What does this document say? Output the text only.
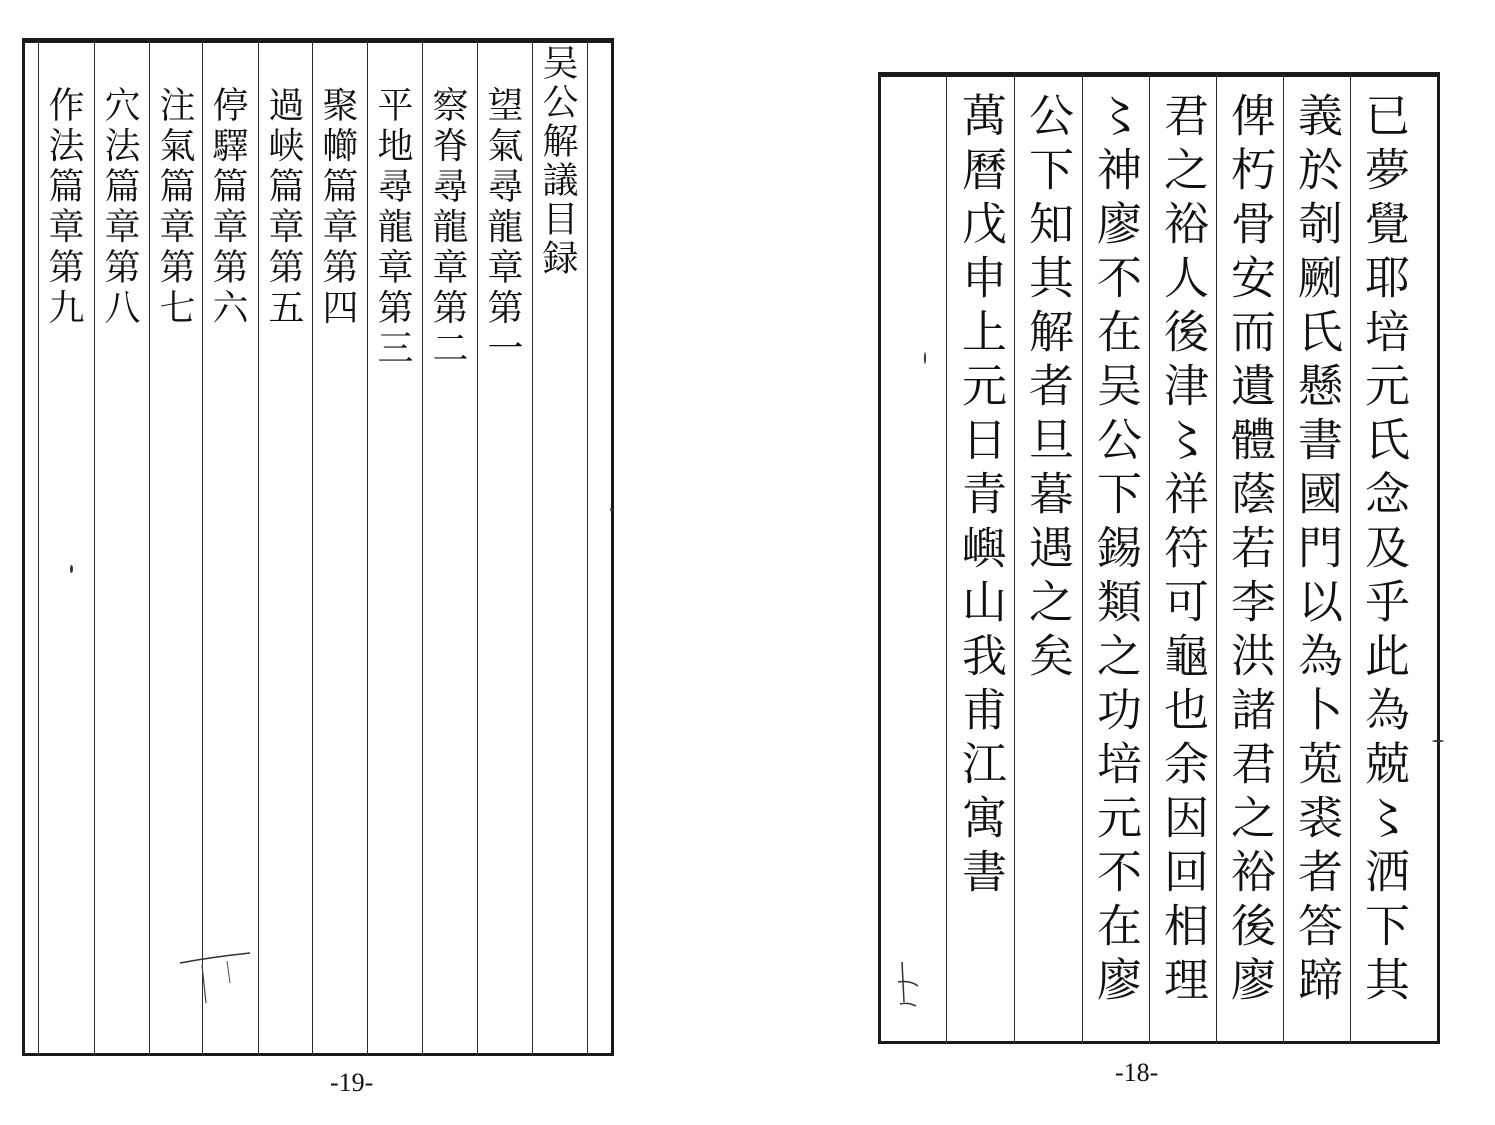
吴公解議目録
望氣尋龍章第一
察脊尋龍章第二
平地尋龍章第三
聚幯篇章第四
過峡篇章第五
停驛篇章第六
注氣篇章第七
穴法篇章第八
作法篇章第九	已夢覺耶培元氏念及乎此為兢〻洒下其
義於剞劂氏懸書國門以為卜莵裘者答蹄
俾朽骨安而遺體蔭若李洪諸君之裕後廖
君之裕人後津〻祥符可龜也余因回相理
〻神廖不在吴公下錫類之功培元不在廖
公下知其解者旦暮遇之矣
萬曆戊申上元日青嶼山我甫江寓書
-19-	-18-
